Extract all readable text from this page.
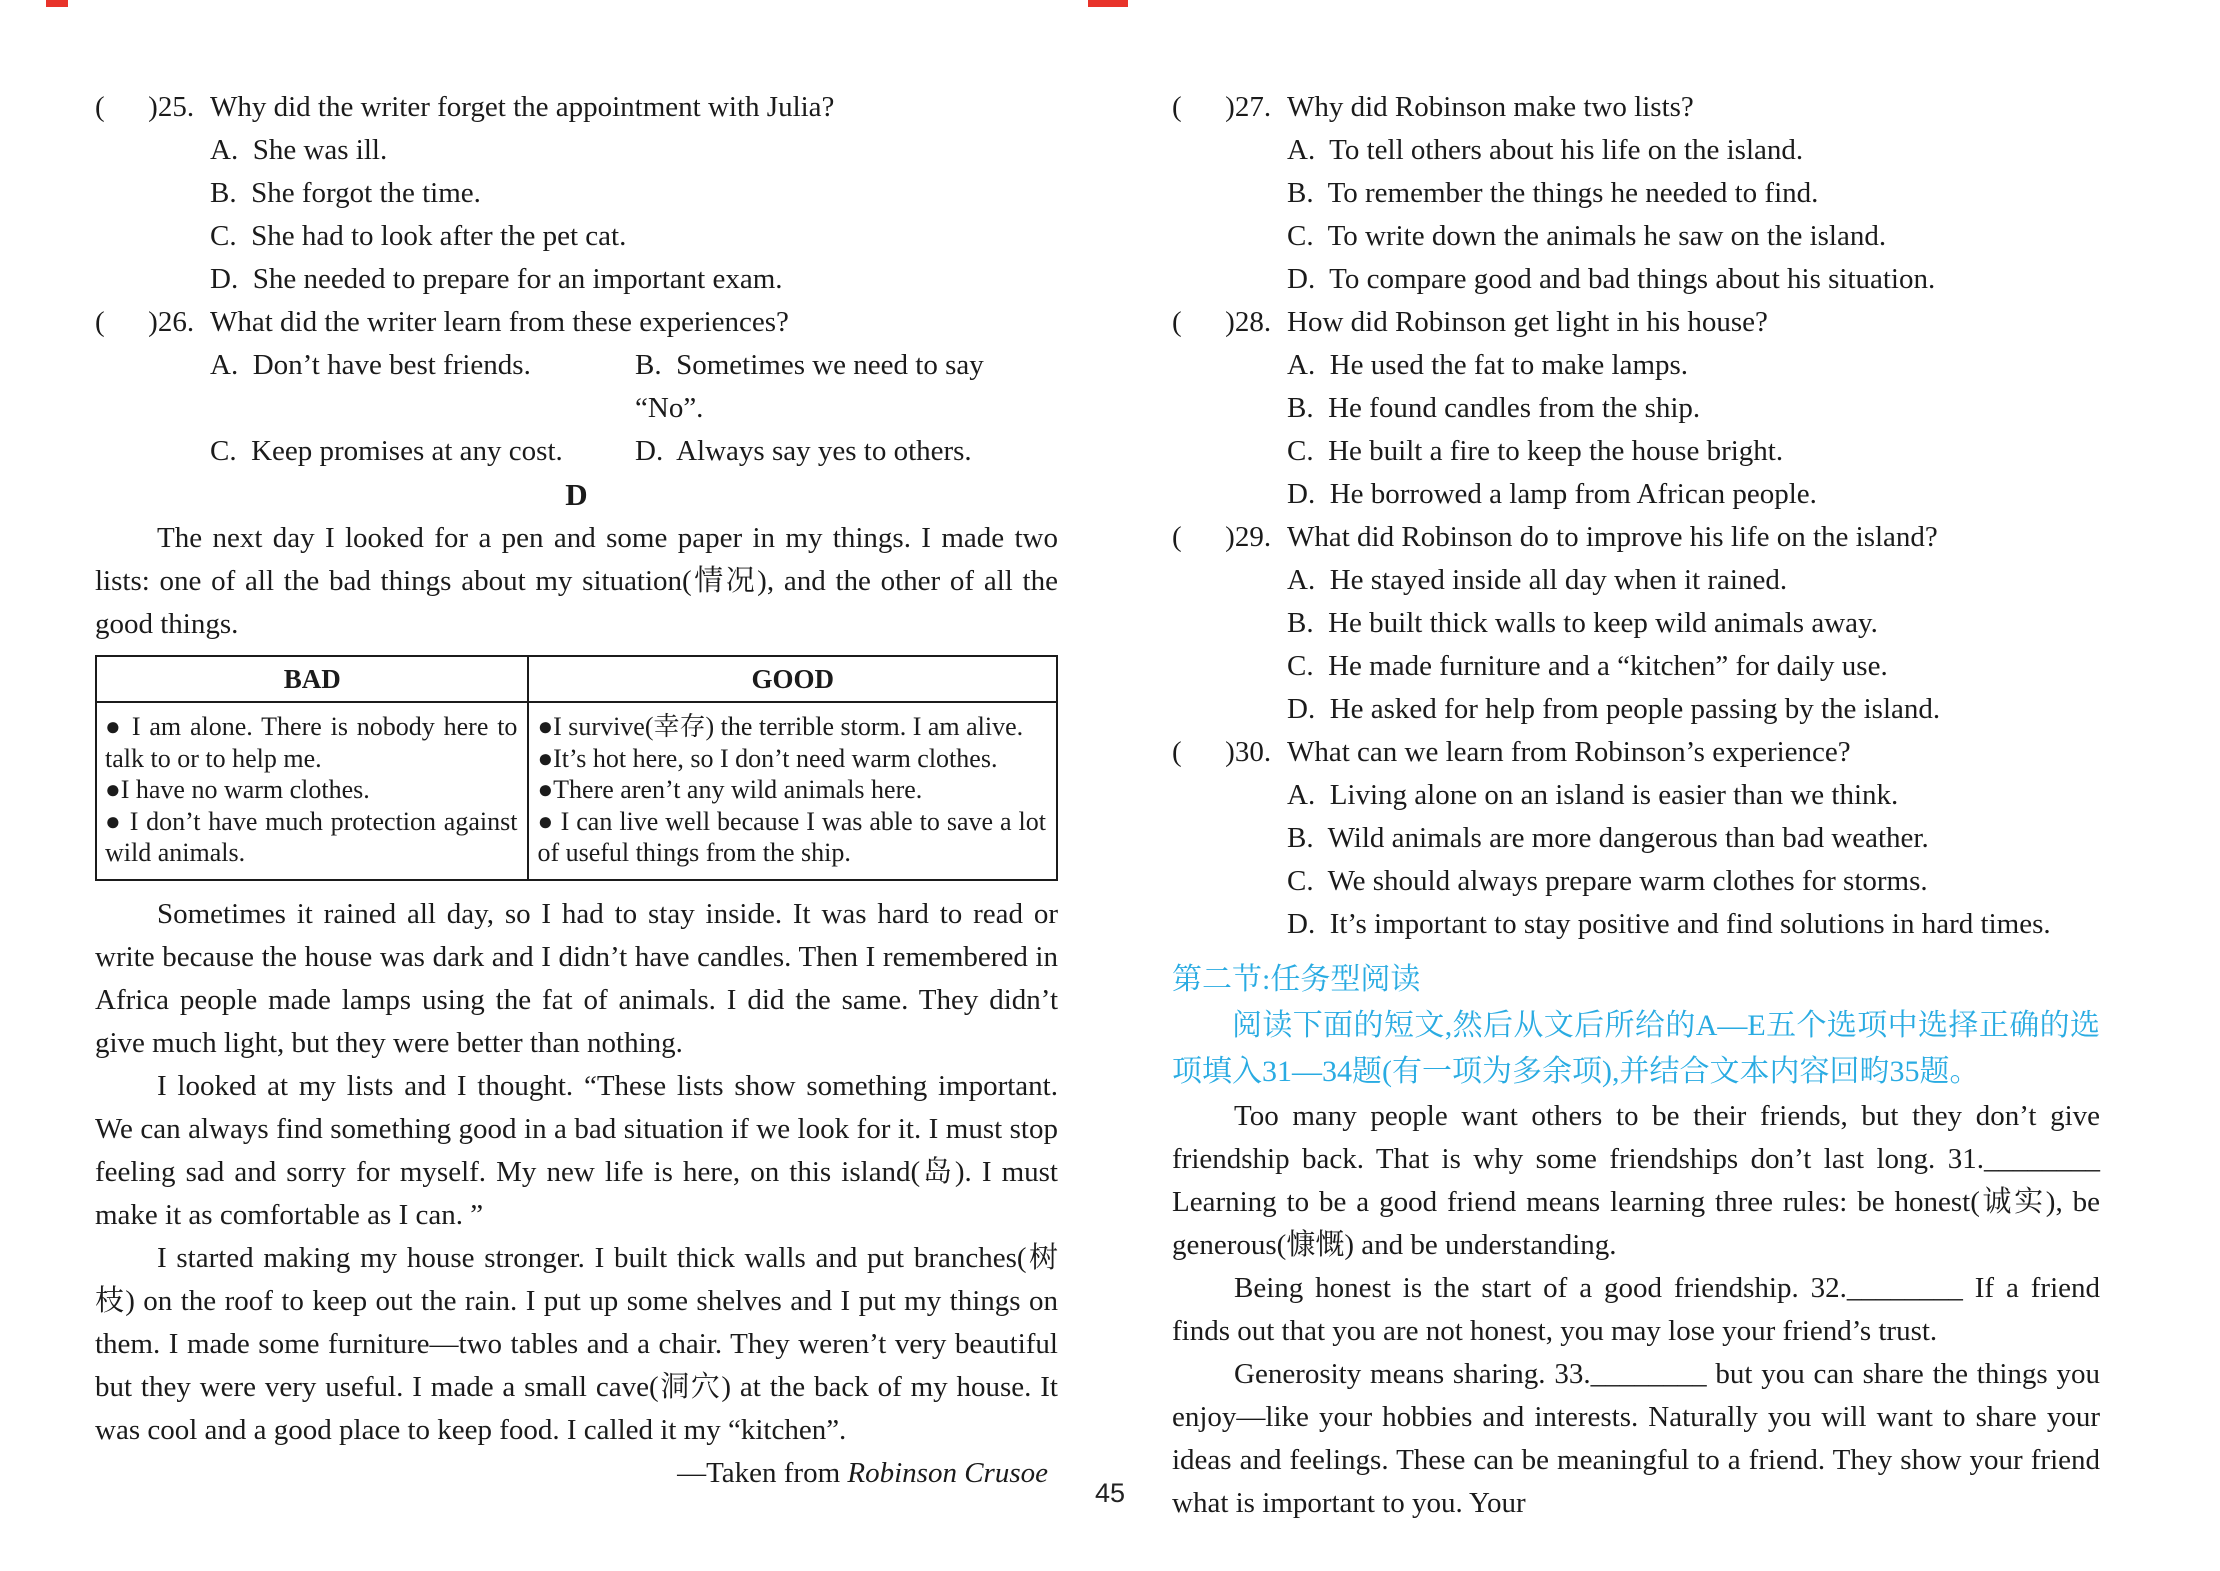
(      )25. Why did the writer forget the appointment with Julia?
A.  She was ill.
B.  She forgot the time.
C.  She had to look after the pet cat.
D.  She needed to prepare for an important exam.
(      )26. What did the writer learn from these experiences?
A.  Don’t have best friends.	B.  Sometimes we need to say “No”.
C.  Keep promises at any cost.	D.  Always say yes to others.
D
The next day I looked for a pen and some paper in my things. I made two lists: one of all the bad things about my situation(情况), and the other of all the good things.
BAD	GOOD

● I am alone. There is nobody here to talk to or to help me.
●I have no warm clothes.
● I don’t have much protection against wild animals.

●I survive(幸存) the terrible storm. I am alive.
●It’s hot here, so I don’t need warm clothes.
●There aren’t any wild animals here.
● I can live well because I was able to save a lot of useful things from the ship.
Sometimes it rained all day, so I had to stay inside. It was hard to read or write because the house was dark and I didn’t have candles. Then I remembered in Africa people made lamps using the fat of animals. I did the same. They didn’t give much light, but they were better than nothing.
I looked at my lists and I thought. “These lists show something important. We can always find something good in a bad situation if we look for it. I must stop feeling sad and sorry for myself. My new life is here, on this island(岛). I must make it as comfortable as I can. ”
I started making my house stronger. I built thick walls and put branches(树枝) on the roof to keep out the rain. I put up some shelves and I put my things on them. I made some furniture—two tables and a chair. They weren’t very beautiful but they were very useful. I made a small cave(洞穴) at the back of my house. It was cool and a good place to keep food. I called it my “kitchen”.
—Taken from Robinson Crusoe
(      )27. Why did Robinson make two lists?
A.  To tell others about his life on the island.
B.  To remember the things he needed to find.
C.  To write down the animals he saw on the island.
D.  To compare good and bad things about his situation.
(      )28. How did Robinson get light in his house?
A.  He used the fat to make lamps.
B.  He found candles from the ship.
C.  He built a fire to keep the house bright.
D.  He borrowed a lamp from African people.
(      )29. What did Robinson do to improve his life on the island?
A.  He stayed inside all day when it rained.
B.  He built thick walls to keep wild animals away.
C.  He made furniture and a “kitchen” for daily use.
D.  He asked for help from people passing by the island.
(      )30. What can we learn from Robinson’s experience?
A.  Living alone on an island is easier than we think.
B.  Wild animals are more dangerous than bad weather.
C.  We should always prepare warm clothes for storms.
D.  It’s important to stay positive and find solutions in hard times.
第二节:任务型阅读
阅读下面的短文,然后从文后所给的A—E五个选项中选择正确的选项填入31—34题(有一项为多余项),并结合文本内容回畇35题。
Too many people want others to be their friends, but they don’t give friendship back. That is why some friendships don’t last long. 31.________ Learning to be a good friend means learning three rules: be honest(诚实), be generous(慷慨) and be understanding.
Being honest is the start of a good friendship. 32.________ If a friend finds out that you are not honest, you may lose your friend’s trust.
Generosity means sharing. 33.________ but you can share the things you enjoy—like your hobbies and interests. Naturally you will want to share your ideas and feelings. These can be meaningful to a friend. They show your friend what is important to you. Your
45
